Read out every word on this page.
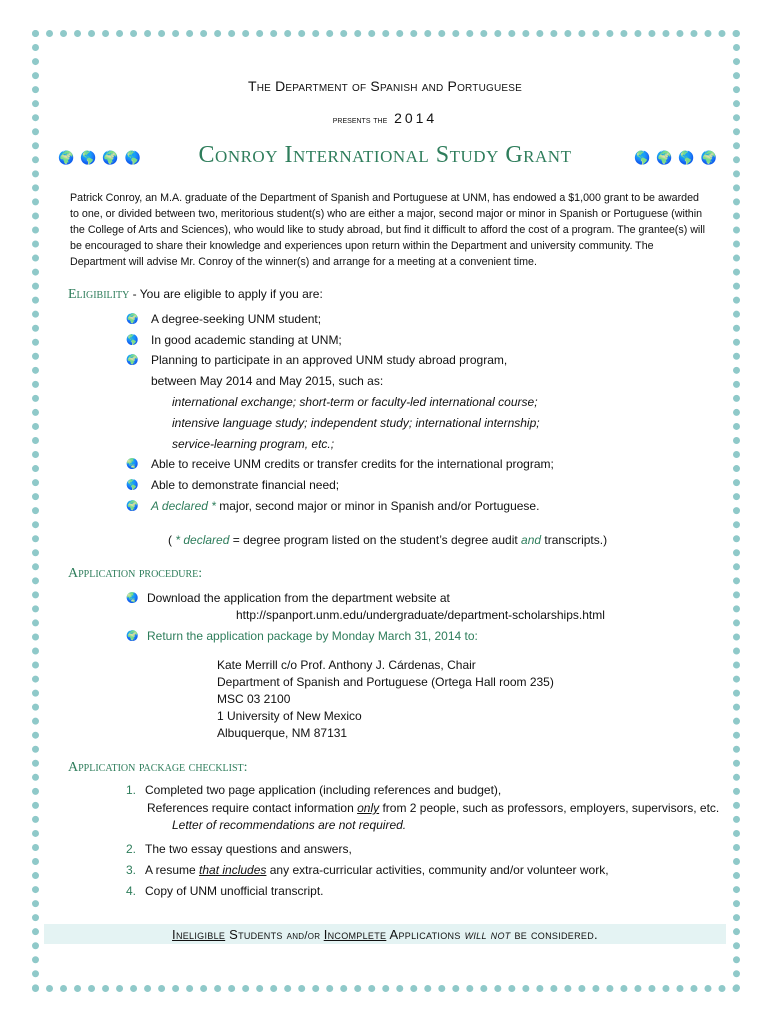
The Department of Spanish and Portuguese
presents the 2014
🌍🌎🌍🌎	Conroy International Study Grant	🌎🌍🌎🌍
Patrick Conroy, an M.A. graduate of the Department of Spanish and Portuguese at UNM, has endowed a $1,000 grant to be awarded to one, or divided between two, meritorious student(s) who are either a major, second major or minor in Spanish or Portuguese (within the College of Arts and Sciences), who would like to study abroad, but find it difficult to afford the cost of a program. The grantee(s) will be encouraged to share their knowledge and experiences upon return within the Department and university community. The Department will advise Mr. Conroy of the winner(s) and arrange for a meeting at a convenient time.
Eligibility - You are eligible to apply if you are:
🌍 A degree-seeking UNM student;
🌎 In good academic standing at UNM;
🌍 Planning to participate in an approved UNM study abroad program,
between May 2014 and May 2015, such as:
international exchange; short-term or faculty-led international course;
intensive language study; independent study; international internship;
service-learning program, etc.;
🌏 Able to receive UNM credits or transfer credits for the international program;
🌎 Able to demonstrate financial need;
🌍 A declared * major, second major or minor in Spanish and/or Portuguese.
( * declared = degree program listed on the student’s degree audit and transcripts.)
Application procedure:
🌏 Download the application from the department website at
http://spanport.unm.edu/undergraduate/department-scholarships.html
🌍 Return the application package by Monday March 31, 2014 to:
Kate Merrill c/o Prof. Anthony J. Cárdenas, Chair
Department of Spanish and Portuguese (Ortega Hall room 235)
MSC 03 2100
1 University of New Mexico
Albuquerque, NM 87131
Application package checklist:
1. Completed two page application (including references and budget),
References require contact information only from 2 people, such as professors, employers, supervisors, etc.
Letter of recommendations are not required.
2. The two essay questions and answers,
3. A resume that includes any extra-curricular activities, community and/or volunteer work,
4. Copy of UNM unofficial transcript.
Ineligible Students and/or Incomplete Applications will not be considered.
